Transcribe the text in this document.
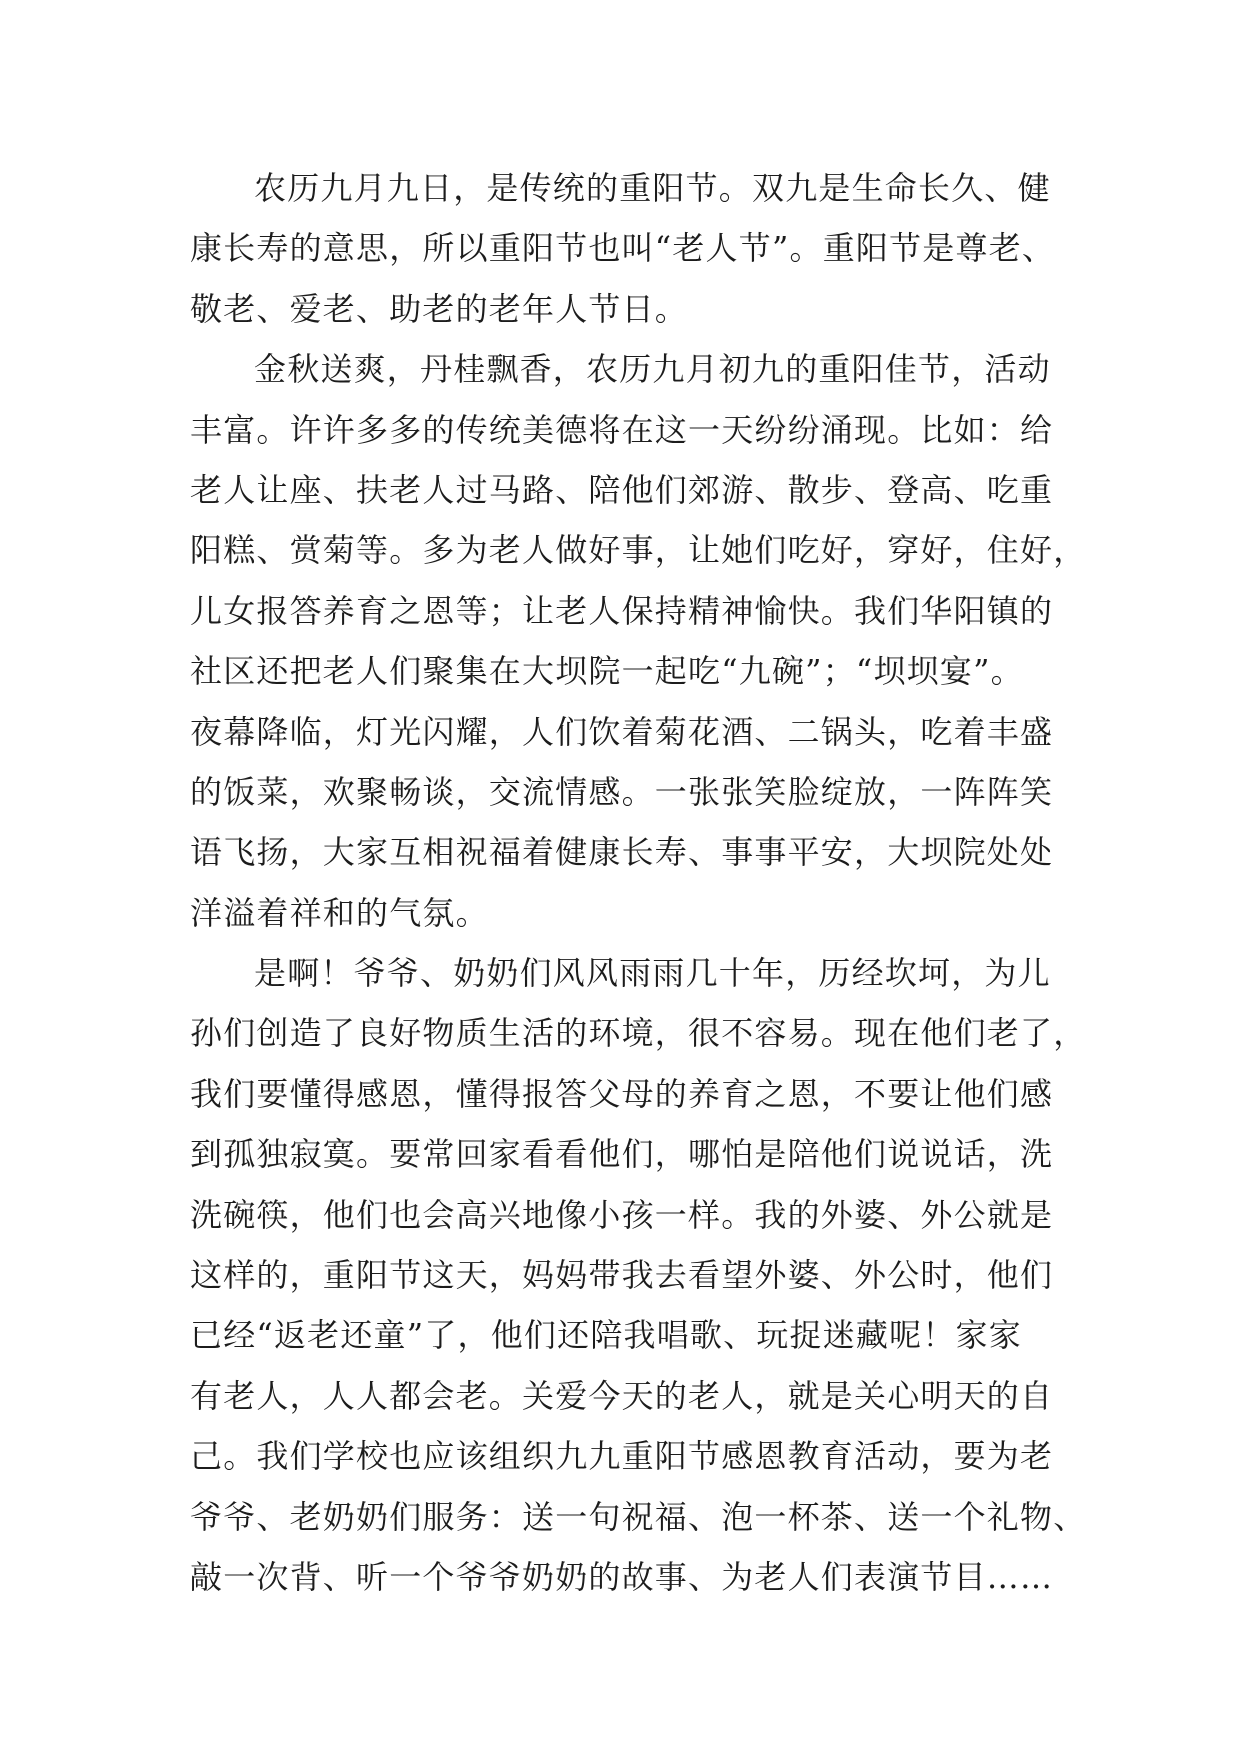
农历九月九日，是传统的重阳节。双九是生命长久、健
康长寿的意思，所以重阳节也叫“老人节”。重阳节是尊老、
敬老、爱老、助老的老年人节日。
金秋送爽，丹桂飘香，农历九月初九的重阳佳节，活动
丰富。许许多多的传统美德将在这一天纷纷涌现。比如：给
老人让座、扶老人过马路、陪他们郊游、散步、登高、吃重
阳糕、赏菊等。多为老人做好事，让她们吃好，穿好，住好，
儿女报答养育之恩等；让老人保持精神愉快。我们华阳镇的
社区还把老人们聚集在大坝院一起吃“九碗”；“坝坝宴”。
夜幕降临，灯光闪耀，人们饮着菊花酒、二锅头，吃着丰盛
的饭菜，欢聚畅谈，交流情感。一张张笑脸绽放，一阵阵笑
语飞扬，大家互相祝福着健康长寿、事事平安，大坝院处处
洋溢着祥和的气氛。
是啊！爷爷、奶奶们风风雨雨几十年，历经坎坷，为儿
孙们创造了良好物质生活的环境，很不容易。现在他们老了，
我们要懂得感恩，懂得报答父母的养育之恩，不要让他们感
到孤独寂寞。要常回家看看他们，哪怕是陪他们说说话，洗
洗碗筷，他们也会高兴地像小孩一样。我的外婆、外公就是
这样的，重阳节这天，妈妈带我去看望外婆、外公时，他们
已经“返老还童”了，他们还陪我唱歌、玩捉迷藏呢！家家
有老人，人人都会老。关爱今天的老人，就是关心明天的自
己。我们学校也应该组织九九重阳节感恩教育活动，要为老
爷爷、老奶奶们服务：送一句祝福、泡一杯茶、送一个礼物、
敲一次背、听一个爷爷奶奶的故事、为老人们表演节目……
